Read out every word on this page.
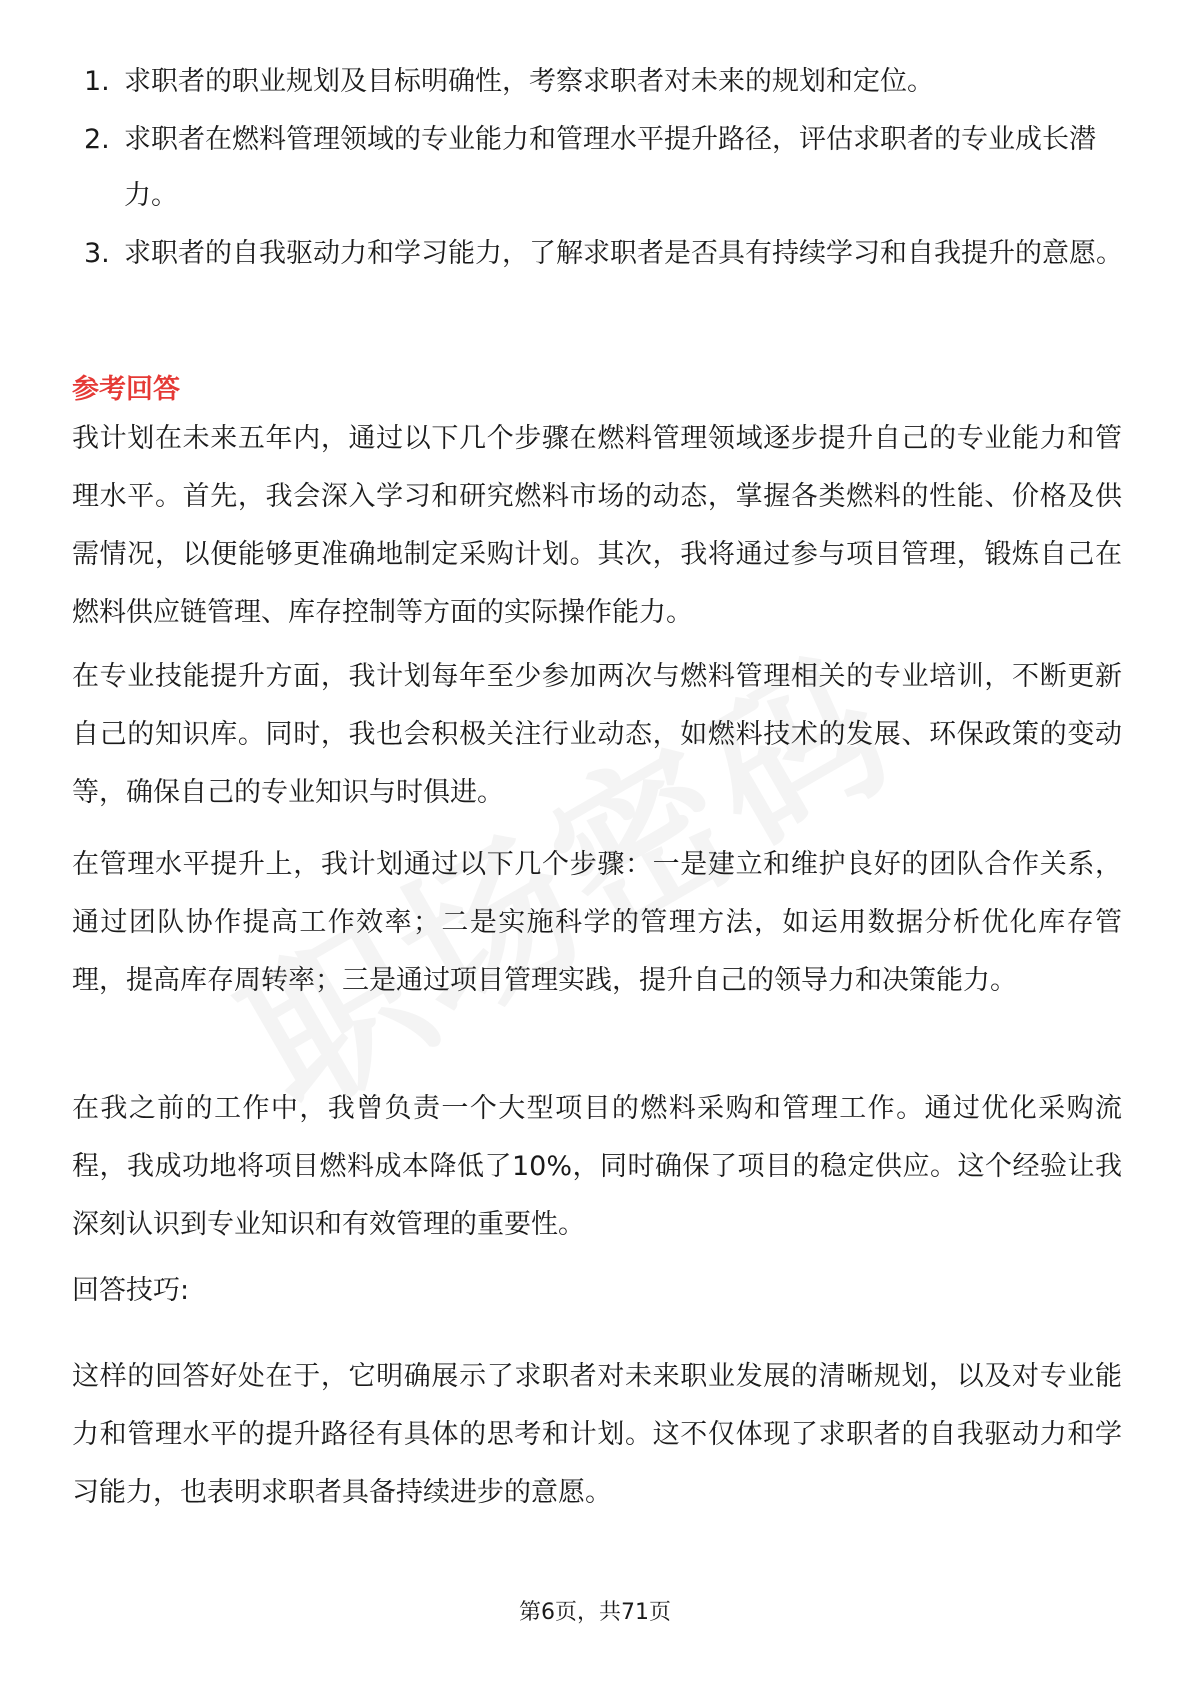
1. 求职者的职业规划及目标明确性，考察求职者对未来的规划和定位。
2. 求职者在燃料管理领域的专业能力和管理水平提升路径，评估求职者的专业成长潜力。
3. 求职者的自我驱动力和学习能力，了解求职者是否具有持续学习和自我提升的意愿。
参考回答

我计划在未来五年内，通过以下几个步骤在燃料管理领域逐步提升自己的专业能力和管理水平。首先，我会深入学习和研究燃料市场的动态，掌握各类燃料的性能、价格及供需情况，以便能够更准确地制定采购计划。其次，我将通过参与项目管理，锻炼自己在燃料供应链管理、库存控制等方面的实际操作能力。

在专业技能提升方面，我计划每年至少参加两次与燃料管理相关的专业培训，不断更新自己的知识库。同时，我也会积极关注行业动态，如燃料技术的发展、环保政策的变动等，确保自己的专业知识与时俱进。

在管理水平提升上，我计划通过以下几个步骤：一是建立和维护良好的团队合作关系，通过团队协作提高工作效率；二是实施科学的管理方法，如运用数据分析优化库存管理，提高库存周转率；三是通过项目管理实践，提升自己的领导力和决策能力。

在我之前的工作中，我曾负责一个大型项目的燃料采购和管理工作。通过优化采购流程，我成功地将项目燃料成本降低了10%，同时确保了项目的稳定供应。这个经验让我深刻认识到专业知识和有效管理的重要性。

回答技巧:

这样的回答好处在于，它明确展示了求职者对未来职业发展的清晰规划，以及对专业能力和管理水平的提升路径有具体的思考和计划。这不仅体现了求职者的自我驱动力和学习能力，也表明求职者具备持续进步的意愿。

第6页，共71页
